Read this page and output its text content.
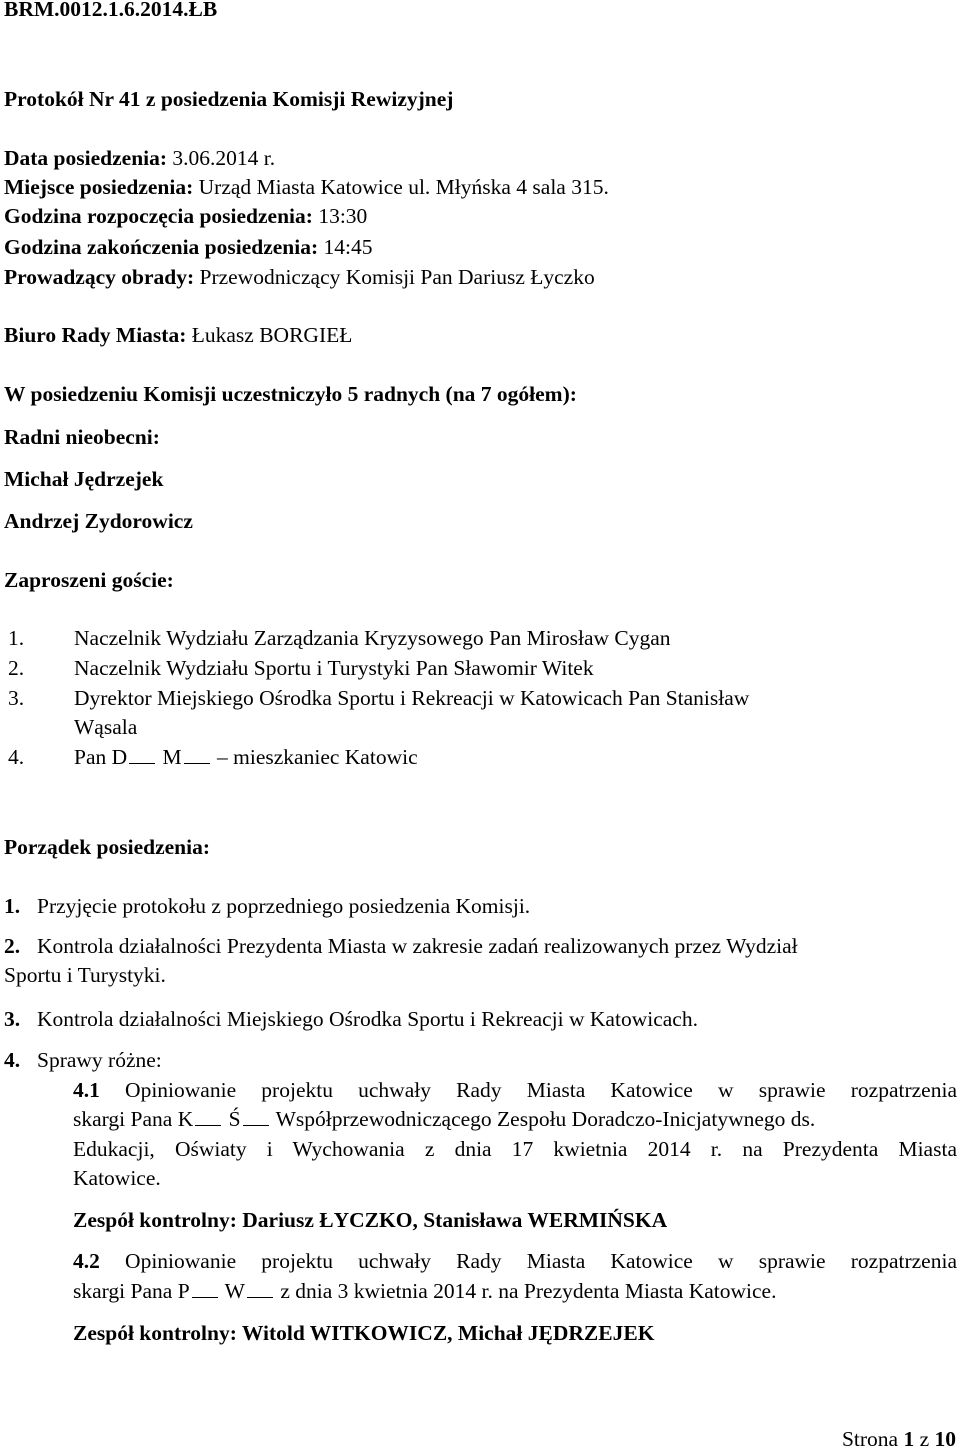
BRM.0012.1.6.2014.ŁB
Protokół Nr 41 z posiedzenia Komisji Rewizyjnej
Data posiedzenia: 3.06.2014 r.
Miejsce posiedzenia: Urząd Miasta Katowice ul. Młyńska 4 sala 315.
Godzina rozpoczęcia posiedzenia: 13:30
Godzina zakończenia posiedzenia: 14:45
Prowadzący obrady: Przewodniczący Komisji Pan Dariusz Łyczko
Biuro Rady Miasta: Łukasz BORGIEŁ
W posiedzeniu Komisji uczestniczyło 5 radnych (na 7 ogółem):
Radni nieobecni:
Michał Jędrzejek
Andrzej Zydorowicz
Zaproszeni goście:
1. Naczelnik Wydziału Zarządzania Kryzysowego Pan Mirosław Cygan
2. Naczelnik Wydziału Sportu i Turystyki Pan Sławomir Witek
3. Dyrektor Miejskiego Ośrodka Sportu i Rekreacji w Katowicach Pan Stanisław
Wąsala
4. Pan D M – mieszkaniec Katowic
Porządek posiedzenia:
1. Przyjęcie protokołu z poprzedniego posiedzenia Komisji.
2. Kontrola działalności Prezydenta Miasta w zakresie zadań realizowanych przez Wydział
Sportu i Turystyki.
3. Kontrola działalności Miejskiego Ośrodka Sportu i Rekreacji w Katowicach.
4. Sprawy różne:
4.1 Opiniowanie projektu uchwały Rady Miasta Katowice w sprawie rozpatrzenia
skargi Pana K Ś Współprzewodniczącego Zespołu Doradczo-Inicjatywnego ds.
Edukacji, Oświaty i Wychowania z dnia 17 kwietnia 2014 r. na Prezydenta Miasta
Katowice.
Zespół kontrolny: Dariusz ŁYCZKO, Stanisława WERMIŃSKA
4.2 Opiniowanie projektu uchwały Rady Miasta Katowice w sprawie rozpatrzenia
skargi Pana P W z dnia 3 kwietnia 2014 r. na Prezydenta Miasta Katowice.
Zespół kontrolny: Witold WITKOWICZ, Michał JĘDRZEJEK
Strona 1 z 10
